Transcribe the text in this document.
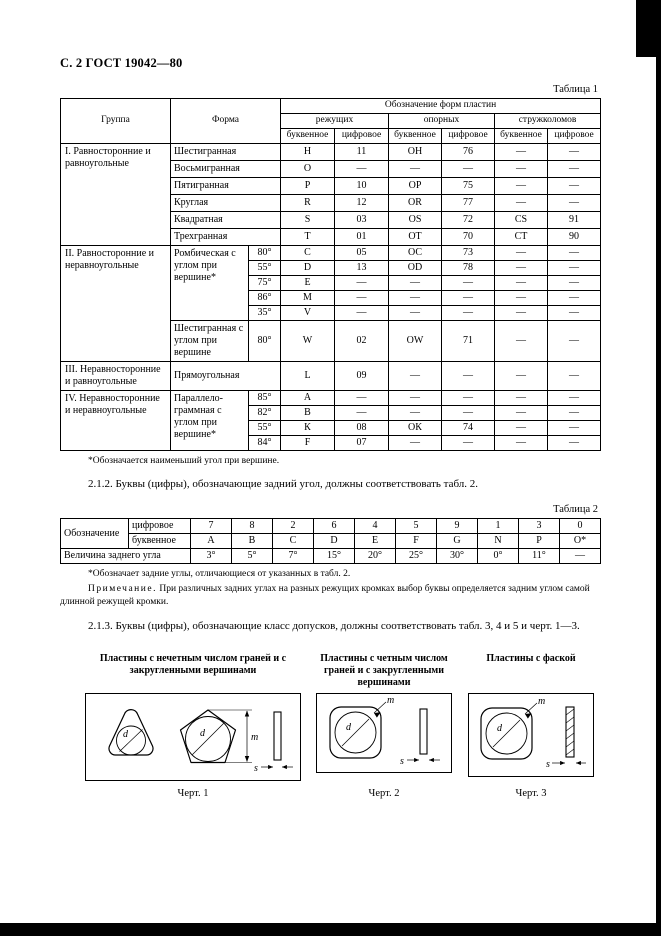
С. 2 ГОСТ 19042—80
Таблица 1
Группа	Форма		Обозначение форм пластин					
			режущих		опорных		стружколомов	
			буквенное	цифровое	буквенное	цифровое	буквенное	цифровое
I. Равносторонние и равноугольные	Шестигранная		Н	11	ОН	76	—	—
	Восьмигранная		О	—	—	—	—	—
	Пятигранная		Р	10	ОР	75	—	—
	Круглая		R	12	OR	77	—	—
	Квадратная		S	03	OS	72	CS	91
	Трехгранная		Т	01	ОТ	70	СТ	90
II. Равносторонние и неравноугольные	Ромбическая с углом при вершине*	80°	С	05	ОС	73	—	—
		55°	D	13	OD	78	—	—
		75°	Е	—	—	—	—	—
		86°	М	—	—	—	—	—
		35°	V	—	—	—	—	—
	Шестигранная с углом при вершине	80°	W	02	OW	71	—	—
III. Неравносторонние и равноугольные	Прямоугольная		L	09	—	—	—	—
IV. Неравносторонние и неравноугольные	Параллелограммная с углом при вершине*	85°	А	—	—	—	—	—
		82°	В	—	—	—	—	—
		55°	К	08	ОК	74	—	—
		84°	F	07	—	—	—	—
*Обозначается наименьший угол при вершине.

2.1.2. Буквы (цифры), обозначающие задний угол, должны соответствовать табл. 2.

Таблица 2
Обозначение	цифровое	7	8	2	6	4	5	9	1	3	0
	буквенное	А	В	С	D	Е	F	G	N	Р	О*
Величина заднего угла		3°	5°	7°	15°	20°	25°	30°	0°	11°	—
*Обозначает задние углы, отличающиеся от указанных в табл. 2.

Примечание. При различных задних углах на разных режущих кромках выбор буквы определяется задним углом самой длинной режущей кромки.

2.1.3. Буквы (цифры), обозначающие класс допусков, должны соответствовать табл. 3, 4 и 5 и черт. 1—3.

Пластины с нечетным числом граней и с закругленными вершинами
d	d	m
s
Черт. 1
Пластины с четным числом граней и с закругленными вершинами
d
m
s
Черт. 2
Пластины с фаской
d
m
s
Черт. 3
